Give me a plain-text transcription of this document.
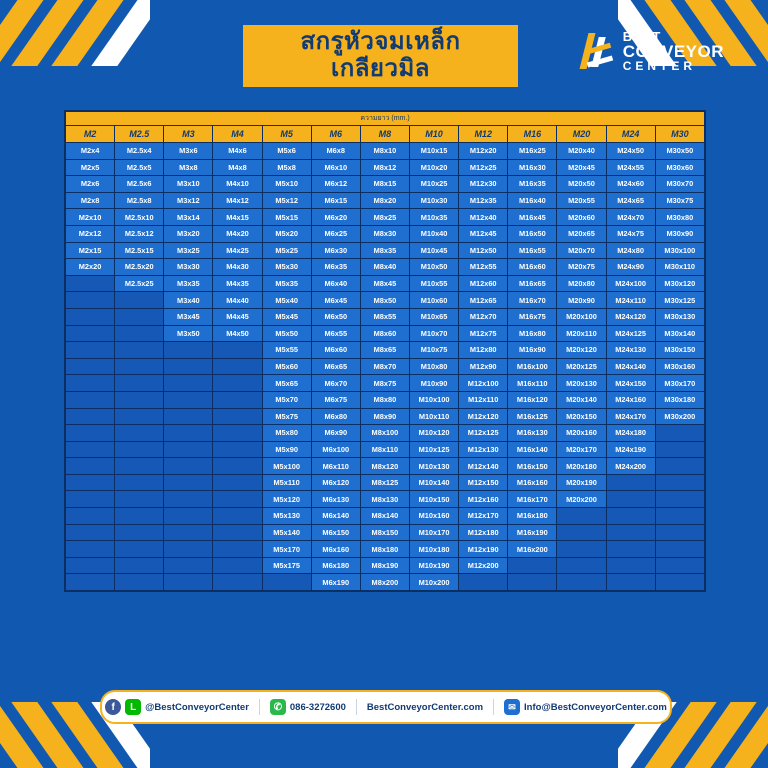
สกรูหัวจมเหล็ก
เกลียวมิล
BEST
CONVEYOR
CENTER
ความยาว (mm.)												
M2	M2.5	M3	M4	M5	M6	M8	M10	M12	M16	M20	M24	M30
M2x4	M2.5x4	M3x6	M4x6	M5x6	M6x8	M8x10	M10x15	M12x20	M16x25	M20x40	M24x50	M30x50
M2x5	M2.5x5	M3x8	M4x8	M5x8	M6x10	M8x12	M10x20	M12x25	M16x30	M20x45	M24x55	M30x60
M2x6	M2.5x6	M3x10	M4x10	M5x10	M6x12	M8x15	M10x25	M12x30	M16x35	M20x50	M24x60	M30x70
M2x8	M2.5x8	M3x12	M4x12	M5x12	M6x15	M8x20	M10x30	M12x35	M16x40	M20x55	M24x65	M30x75
M2x10	M2.5x10	M3x14	M4x15	M5x15	M6x20	M8x25	M10x35	M12x40	M16x45	M20x60	M24x70	M30x80
M2x12	M2.5x12	M3x20	M4x20	M5x20	M6x25	M8x30	M10x40	M12x45	M16x50	M20x65	M24x75	M30x90
M2x15	M2.5x15	M3x25	M4x25	M5x25	M6x30	M8x35	M10x45	M12x50	M16x55	M20x70	M24x80	M30x100
M2x20	M2.5x20	M3x30	M4x30	M5x30	M6x35	M8x40	M10x50	M12x55	M16x60	M20x75	M24x90	M30x110
	M2.5x25	M3x35	M4x35	M5x35	M6x40	M8x45	M10x55	M12x60	M16x65	M20x80	M24x100	M30x120
		M3x40	M4x40	M5x40	M6x45	M8x50	M10x60	M12x65	M16x70	M20x90	M24x110	M30x125
		M3x45	M4x45	M5x45	M6x50	M8x55	M10x65	M12x70	M16x75	M20x100	M24x120	M30x130
		M3x50	M4x50	M5x50	M6x55	M8x60	M10x70	M12x75	M16x80	M20x110	M24x125	M30x140
				M5x55	M6x60	M8x65	M10x75	M12x80	M16x90	M20x120	M24x130	M30x150
				M5x60	M6x65	M8x70	M10x80	M12x90	M16x100	M20x125	M24x140	M30x160
				M5x65	M6x70	M8x75	M10x90	M12x100	M16x110	M20x130	M24x150	M30x170
				M5x70	M6x75	M8x80	M10x100	M12x110	M16x120	M20x140	M24x160	M30x180
				M5x75	M6x80	M8x90	M10x110	M12x120	M16x125	M20x150	M24x170	M30x200
				M5x80	M6x90	M8x100	M10x120	M12x125	M16x130	M20x160	M24x180	
				M5x90	M6x100	M8x110	M10x125	M12x130	M16x140	M20x170	M24x190	
				M5x100	M6x110	M8x120	M10x130	M12x140	M16x150	M20x180	M24x200	
				M5x110	M6x120	M8x125	M10x140	M12x150	M16x160	M20x190		
				M5x120	M6x130	M8x130	M10x150	M12x160	M16x170	M20x200		
				M5x130	M6x140	M8x140	M10x160	M12x170	M16x180			
				M5x140	M6x150	M8x150	M10x170	M12x180	M16x190			
				M5x170	M6x160	M8x180	M10x180	M12x190	M16x200			
				M5x175	M6x180	M8x190	M10x190	M12x200				
					M6x190	M8x200	M10x200					
f	L @BestConveyorCenter	✆ 086-3272600 BestConveyorCenter.com	✉ Info@BestConveyorCenter.com
